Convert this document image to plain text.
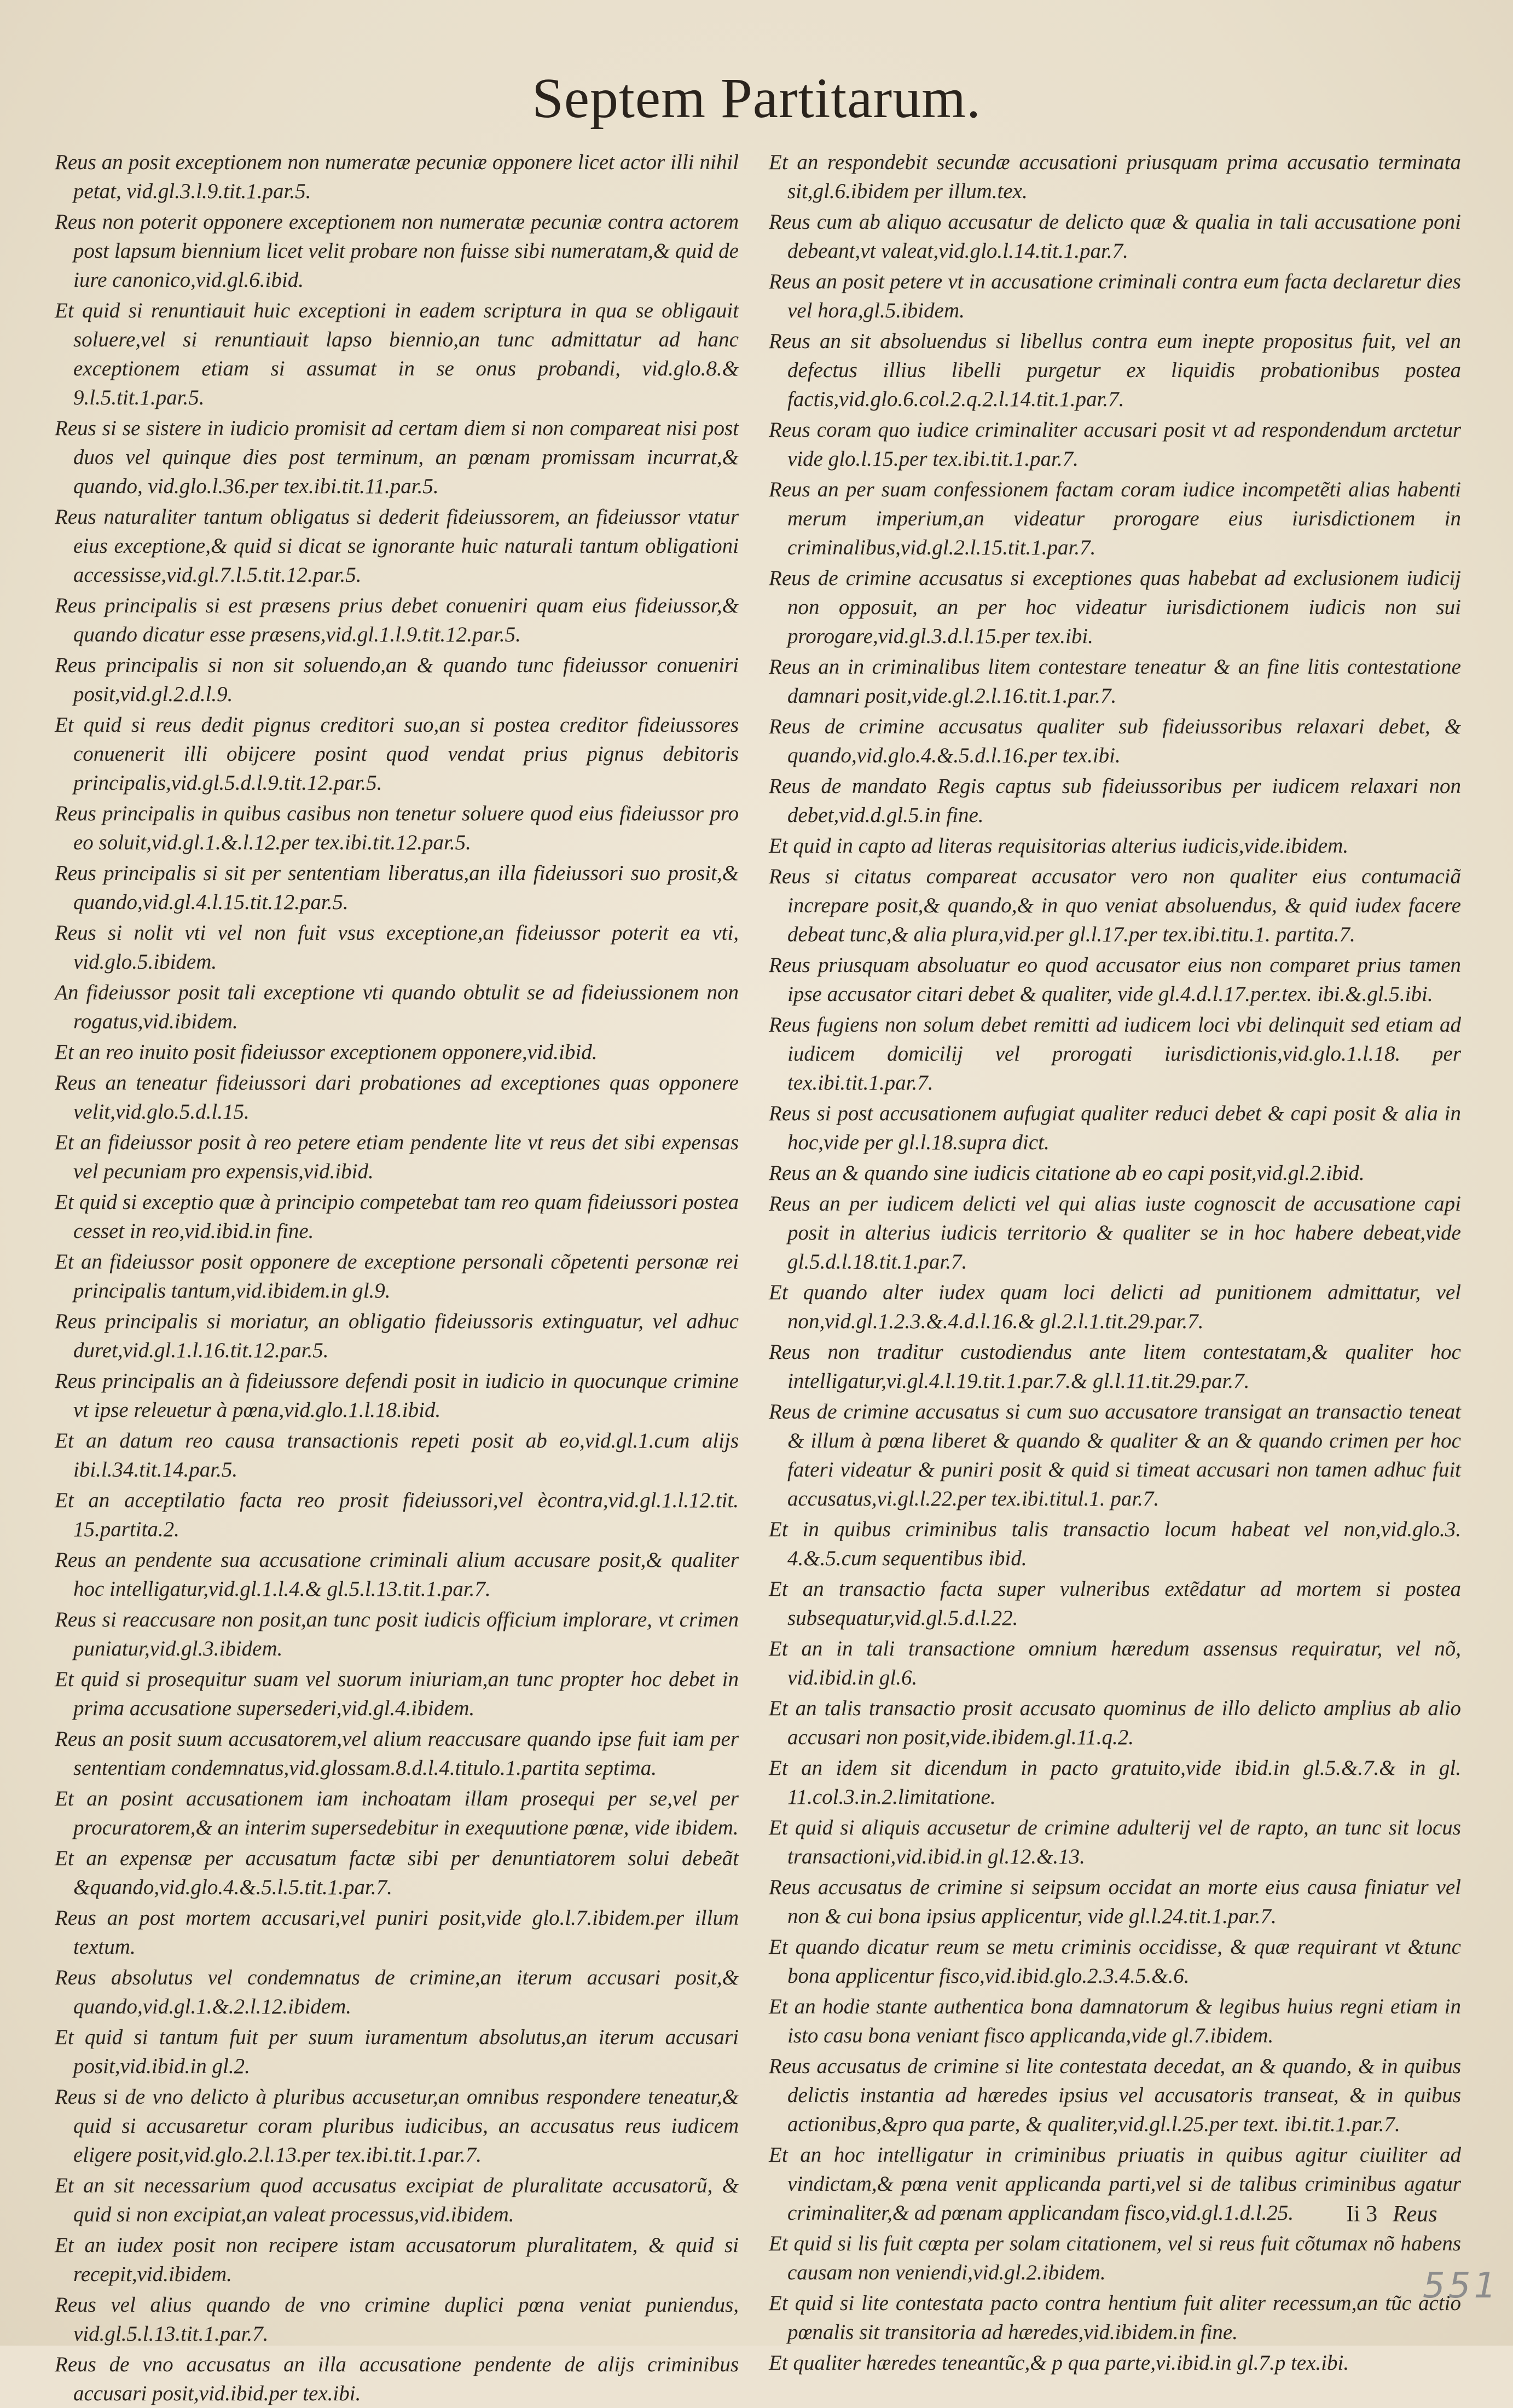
Septem Partitarum.

Reus an posit exceptionem non numeratæ pecuniæ opponere licet actor illi nihil petat, vid.gl.3.l.9.tit.1.par.5.

Reus non poterit opponere exceptionem non numeratæ pecuniæ contra actorem post lapsum biennium licet velit probare non fuisse sibi numeratam,& quid de iure canonico,vid.gl.6.ibid.

Et quid si renuntiauit huic exceptioni in eadem scriptura in qua se obligauit soluere,vel si renuntiauit lapso biennio,an tunc admittatur ad hanc exceptionem etiam si assumat in se onus probandi, vid.glo.8.& 9.l.5.tit.1.par.5.

Reus si se sistere in iudicio promisit ad certam diem si non compareat nisi post duos vel quinque dies post terminum, an pœnam promissam incurrat,& quando, vid.glo.l.36.per tex.ibi.tit.11.par.5.

Reus naturaliter tantum obligatus si dederit fideiussorem, an fideiussor vtatur eius exceptione,& quid si dicat se ignorante huic naturali tantum obligationi accessisse,vid.gl.7.l.5.tit.12.par.5.

Reus principalis si est præsens prius debet conueniri quam eius fideiussor,& quando dicatur esse præsens,vid.gl.1.l.9.tit.12.par.5.

Reus principalis si non sit soluendo,an & quando tunc fideiussor conueniri posit,vid.gl.2.d.l.9.

Et quid si reus dedit pignus creditori suo,an si postea creditor fideiussores conuenerit illi obijcere posint quod vendat prius pignus debitoris principalis,vid.gl.5.d.l.9.tit.12.par.5.

Reus principalis in quibus casibus non tenetur soluere quod eius fideiussor pro eo soluit,vid.gl.1.&.l.12.per tex.ibi.tit.12.par.5.

Reus principalis si sit per sententiam liberatus,an illa fideiussori suo prosit,& quando,vid.gl.4.l.15.tit.12.par.5.

Reus si nolit vti vel non fuit vsus exceptione,an fideiussor poterit ea vti, vid.glo.5.ibidem.

An fideiussor posit tali exceptione vti quando obtulit se ad fideiussionem non rogatus,vid.ibidem.

Et an reo inuito posit fideiussor exceptionem opponere,vid.ibid.

Reus an teneatur fideiussori dari probationes ad exceptiones quas opponere velit,vid.glo.5.d.l.15.

Et an fideiussor posit à reo petere etiam pendente lite vt reus det sibi expensas vel pecuniam pro expensis,vid.ibid.

Et quid si exceptio quæ à principio competebat tam reo quam fideiussori postea cesset in reo,vid.ibid.in fine.

Et an fideiussor posit opponere de exceptione personali cõpetenti personæ rei principalis tantum,vid.ibidem.in gl.9.

Reus principalis si moriatur, an obligatio fideiussoris extinguatur, vel adhuc duret,vid.gl.1.l.16.tit.12.par.5.

Reus principalis an à fideiussore defendi posit in iudicio in quocunque crimine vt ipse releuetur à pœna,vid.glo.1.l.18.ibid.

Et an datum reo causa transactionis repeti posit ab eo,vid.gl.1.cum alijs ibi.l.34.tit.14.par.5.

Et an acceptilatio facta reo prosit fideiussori,vel ècontra,vid.gl.1.l.12.tit. 15.partita.2.

Reus an pendente sua accusatione criminali alium accusare posit,& qualiter hoc intelligatur,vid.gl.1.l.4.& gl.5.l.13.tit.1.par.7.

Reus si reaccusare non posit,an tunc posit iudicis officium implorare, vt crimen puniatur,vid.gl.3.ibidem.

Et quid si prosequitur suam vel suorum iniuriam,an tunc propter hoc debet in prima accusatione supersederi,vid.gl.4.ibidem.

Reus an posit suum accusatorem,vel alium reaccusare quando ipse fuit iam per sententiam condemnatus,vid.glossam.8.d.l.4.titulo.1.partita septima.

Et an posint accusationem iam inchoatam illam prosequi per se,vel per procuratorem,& an interim supersedebitur in exequutione pœnæ, vide ibidem.

Et an expensæ per accusatum factæ sibi per denuntiatorem solui debeãt &quando,vid.glo.4.&.5.l.5.tit.1.par.7.

Reus an post mortem accusari,vel puniri posit,vide glo.l.7.ibidem.per illum textum.

Reus absolutus vel condemnatus de crimine,an iterum accusari posit,& quando,vid.gl.1.&.2.l.12.ibidem.

Et quid si tantum fuit per suum iuramentum absolutus,an iterum accusari posit,vid.ibid.in gl.2.

Reus si de vno delicto à pluribus accusetur,an omnibus respondere teneatur,& quid si accusaretur coram pluribus iudicibus, an accusatus reus iudicem eligere posit,vid.glo.2.l.13.per tex.ibi.tit.1.par.7.

Et an sit necessarium quod accusatus excipiat de pluralitate accusatorũ, & quid si non excipiat,an valeat processus,vid.ibidem.

Et an iudex posit non recipere istam accusatorum pluralitatem, & quid si recepit,vid.ibidem.

Reus vel alius quando de vno crimine duplici pœna veniat puniendus, vid.gl.5.l.13.tit.1.par.7.

Reus de vno accusatus an illa accusatione pendente de alijs criminibus accusari posit,vid.ibid.per tex.ibi.

Et an respondebit secundæ accusationi priusquam prima accusatio terminata sit,gl.6.ibidem per illum.tex.

Reus cum ab aliquo accusatur de delicto quæ & qualia in tali accusatione poni debeant,vt valeat,vid.glo.l.14.tit.1.par.7.

Reus an posit petere vt in accusatione criminali contra eum facta declaretur dies vel hora,gl.5.ibidem.

Reus an sit absoluendus si libellus contra eum inepte propositus fuit, vel an defectus illius libelli purgetur ex liquidis probationibus postea factis,vid.glo.6.col.2.q.2.l.14.tit.1.par.7.

Reus coram quo iudice criminaliter accusari posit vt ad respondendum arctetur vide glo.l.15.per tex.ibi.tit.1.par.7.

Reus an per suam confessionem factam coram iudice incompetẽti alias habenti merum imperium,an videatur prorogare eius iurisdictionem in criminalibus,vid.gl.2.l.15.tit.1.par.7.

Reus de crimine accusatus si exceptiones quas habebat ad exclusionem iudicij non opposuit, an per hoc videatur iurisdictionem iudicis non sui prorogare,vid.gl.3.d.l.15.per tex.ibi.

Reus an in criminalibus litem contestare teneatur & an fine litis contestatione damnari posit,vide.gl.2.l.16.tit.1.par.7.

Reus de crimine accusatus qualiter sub fideiussoribus relaxari debet, & quando,vid.glo.4.&.5.d.l.16.per tex.ibi.

Reus de mandato Regis captus sub fideiussoribus per iudicem relaxari non debet,vid.d.gl.5.in fine.

Et quid in capto ad literas requisitorias alterius iudicis,vide.ibidem.

Reus si citatus compareat accusator vero non qualiter eius contumaciã increpare posit,& quando,& in quo veniat absoluendus, & quid iudex facere debeat tunc,& alia plura,vid.per gl.l.17.per tex.ibi.titu.1. partita.7.

Reus priusquam absoluatur eo quod accusator eius non comparet prius tamen ipse accusator citari debet & qualiter, vide gl.4.d.l.17.per.tex. ibi.&.gl.5.ibi.

Reus fugiens non solum debet remitti ad iudicem loci vbi delinquit sed etiam ad iudicem domicilij vel prorogati iurisdictionis,vid.glo.1.l.18. per tex.ibi.tit.1.par.7.

Reus si post accusationem aufugiat qualiter reduci debet & capi posit & alia in hoc,vide per gl.l.18.supra dict.

Reus an & quando sine iudicis citatione ab eo capi posit,vid.gl.2.ibid.

Reus an per iudicem delicti vel qui alias iuste cognoscit de accusatione capi posit in alterius iudicis territorio & qualiter se in hoc habere debeat,vide gl.5.d.l.18.tit.1.par.7.

Et quando alter iudex quam loci delicti ad punitionem admittatur, vel non,vid.gl.1.2.3.&.4.d.l.16.& gl.2.l.1.tit.29.par.7.

Reus non traditur custodiendus ante litem contestatam,& qualiter hoc intelligatur,vi.gl.4.l.19.tit.1.par.7.& gl.l.11.tit.29.par.7.

Reus de crimine accusatus si cum suo accusatore transigat an transactio teneat & illum à pœna liberet & quando & qualiter & an & quando crimen per hoc fateri videatur & puniri posit & quid si timeat accusari non tamen adhuc fuit accusatus,vi.gl.l.22.per tex.ibi.titul.1. par.7.

Et in quibus criminibus talis transactio locum habeat vel non,vid.glo.3. 4.&.5.cum sequentibus ibid.

Et an transactio facta super vulneribus extẽdatur ad mortem si postea subsequatur,vid.gl.5.d.l.22.

Et an in tali transactione omnium hæredum assensus requiratur, vel nõ, vid.ibid.in gl.6.

Et an talis transactio prosit accusato quominus de illo delicto amplius ab alio accusari non posit,vide.ibidem.gl.11.q.2.

Et an idem sit dicendum in pacto gratuito,vide ibid.in gl.5.&.7.& in gl. 11.col.3.in.2.limitatione.

Et quid si aliquis accusetur de crimine adulterij vel de rapto, an tunc sit locus transactioni,vid.ibid.in gl.12.&.13.

Reus accusatus de crimine si seipsum occidat an morte eius causa finiatur vel non & cui bona ipsius applicentur, vide gl.l.24.tit.1.par.7.

Et quando dicatur reum se metu criminis occidisse, & quæ requirant vt &tunc bona applicentur fisco,vid.ibid.glo.2.3.4.5.&.6.

Et an hodie stante authentica bona damnatorum & legibus huius regni etiam in isto casu bona veniant fisco applicanda,vide gl.7.ibidem.

Reus accusatus de crimine si lite contestata decedat, an & quando, & in quibus delictis instantia ad hæredes ipsius vel accusatoris transeat, & in quibus actionibus,&pro qua parte, & qualiter,vid.gl.l.25.per text. ibi.tit.1.par.7.

Et an hoc intelligatur in criminibus priuatis in quibus agitur ciuiliter ad vindictam,& pœna venit applicanda parti,vel si de talibus criminibus agatur criminaliter,& ad pœnam applicandam fisco,vid.gl.1.d.l.25.

Et quid si lis fuit cœpta per solam citationem, vel si reus fuit cõtumax nõ habens causam non veniendi,vid.gl.2.ibidem.

Et quid si lite contestata pacto contra hentium fuit aliter recessum,an tũc actio pœnalis sit transitoria ad hæredes,vid.ibidem.in fine.

Et qualiter hæredes teneantũc,& p qua parte,vi.ibid.in gl.7.p tex.ibi.

Ii 3 Reus
551
